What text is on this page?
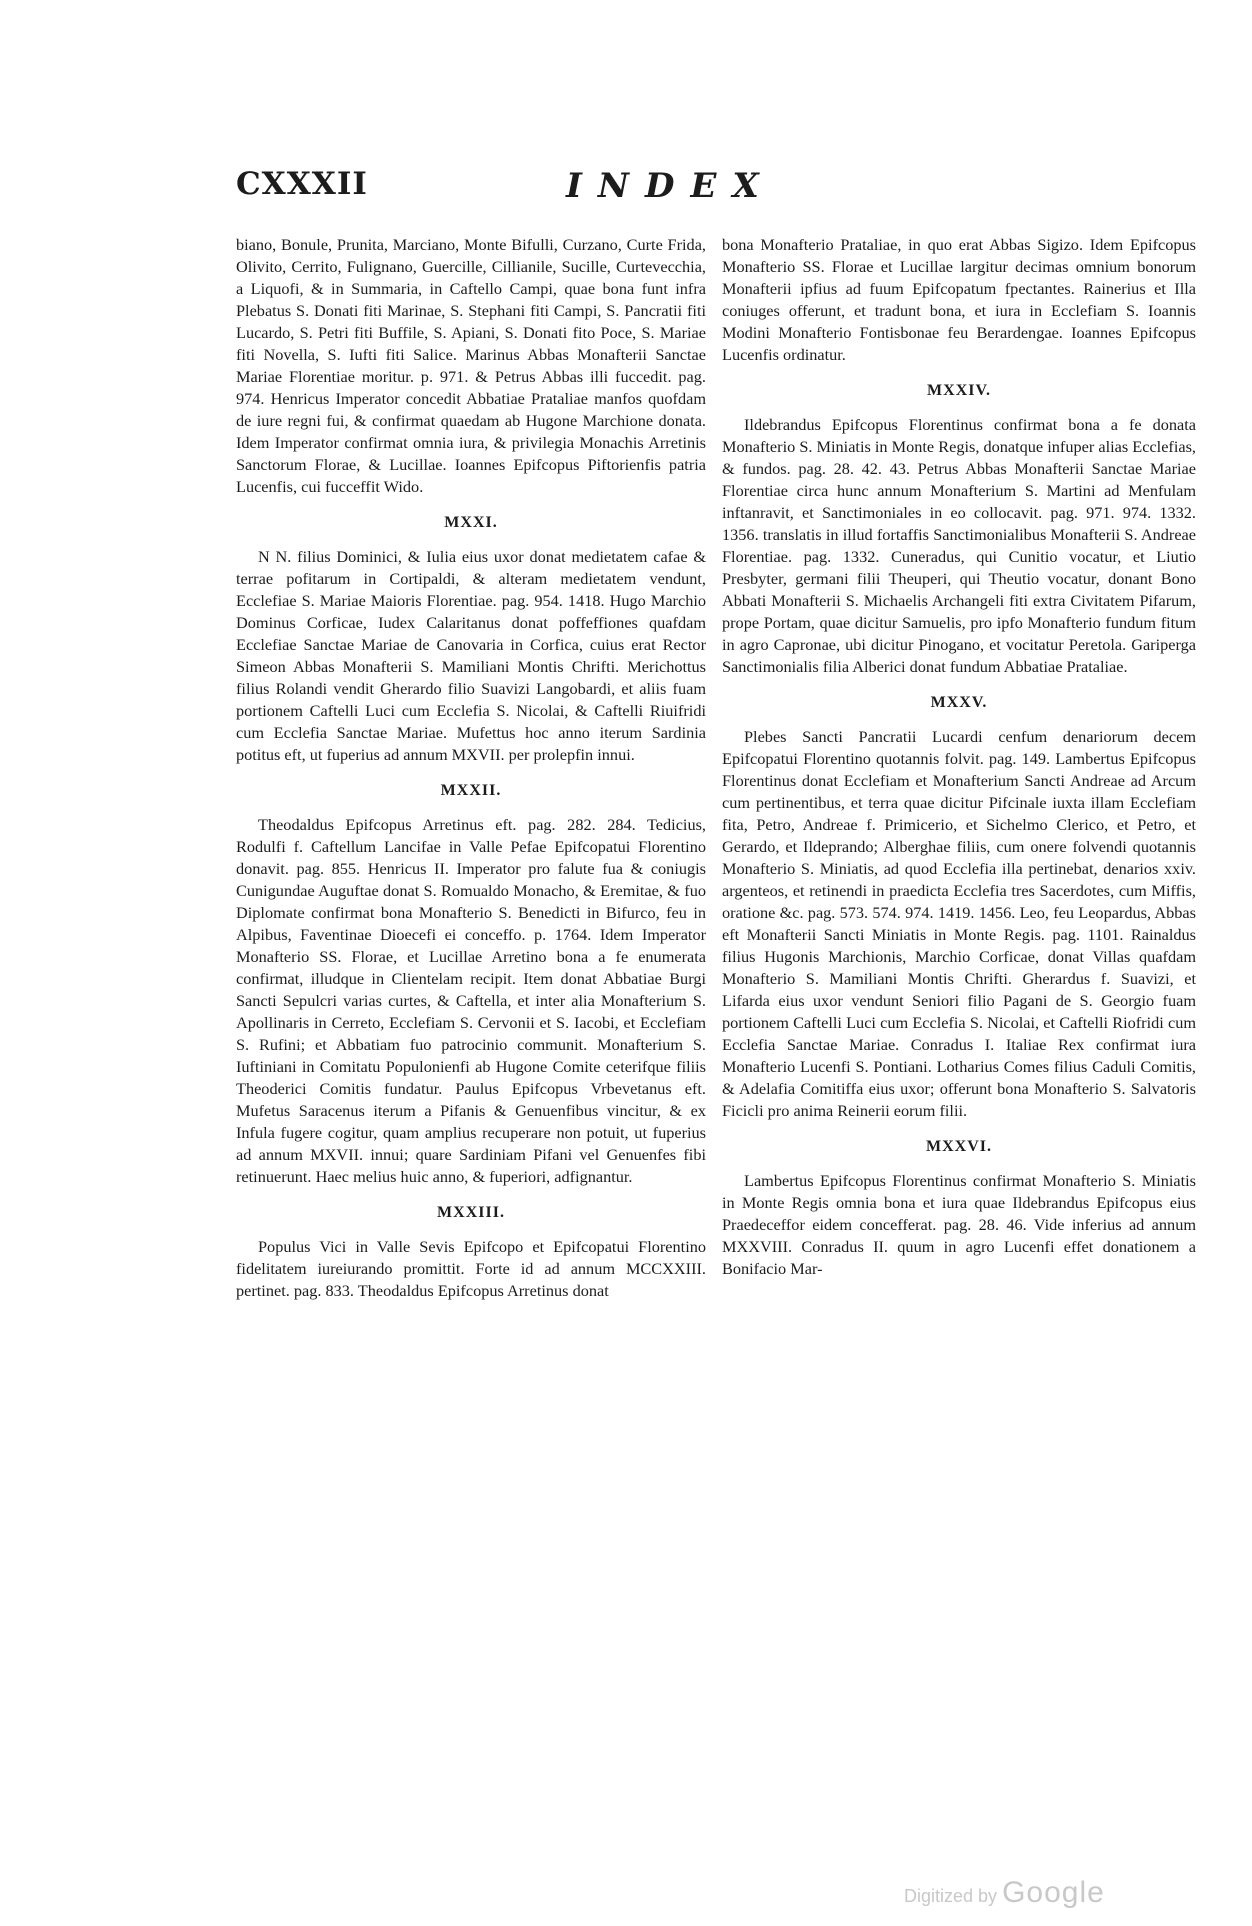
CXXXII	INDEX

biano, Bonule, Prunita, Marciano, Monte Bifulli, Curzano, Curte Frida, Olivito, Cerrito, Fulignano, Guercille, Cillianile, Sucille, Curtevecchia, a Liquofi, & in Summaria, in Caftello Campi, quae bona funt infra Plebatus S. Donati fiti Marinae, S. Stephani fiti Campi, S. Pancratii fiti Lucardo, S. Petri fiti Buffile, S. Apiani, S. Donati fito Poce, S. Mariae fiti Novella, S. Iufti fiti Salice. Marinus Abbas Monafterii Sanctae Mariae Florentiae moritur. p. 971. & Petrus Abbas illi fuccedit. pag. 974. Henricus Imperator concedit Abbatiae Prataliae manfos quofdam de iure regni fui, & confirmat quaedam ab Hugone Marchione donata. Idem Imperator confirmat omnia iura, & privilegia Monachis Arretinis Sanctorum Florae, & Lucillae. Ioannes Epifcopus Piftorienfis patria Lucenfis, cui fucceffit Wido.

MXXI.

N N. filius Dominici, & Iulia eius uxor donat medietatem cafae & terrae pofitarum in Cortipaldi, & alteram medietatem vendunt, Ecclefiae S. Mariae Maioris Florentiae. pag. 954. 1418. Hugo Marchio Dominus Corficae, Iudex Calaritanus donat poffeffiones quafdam Ecclefiae Sanctae Mariae de Canovaria in Corfica, cuius erat Rector Simeon Abbas Monafterii S. Mamiliani Montis Chrifti. Merichottus filius Rolandi vendit Gherardo filio Suavizi Langobardi, et aliis fuam portionem Caftelli Luci cum Ecclefia S. Nicolai, & Caftelli Riuifridi cum Ecclefia Sanctae Mariae. Mufettus hoc anno iterum Sardinia potitus eft, ut fuperius ad annum MXVII. per prolepfin innui.

MXXII.

Theodaldus Epifcopus Arretinus eft. pag. 282. 284. Tedicius, Rodulfi f. Caftellum Lancifae in Valle Pefae Epifcopatui Florentino donavit. pag. 855. Henricus II. Imperator pro falute fua & coniugis Cunigundae Auguftae donat S. Romualdo Monacho, & Eremitae, & fuo Diplomate confirmat bona Monafterio S. Benedicti in Bifurco, feu in Alpibus, Faventinae Dioecefi ei conceffo. p. 1764. Idem Imperator Monafterio SS. Florae, et Lucillae Arretino bona a fe enumerata confirmat, illudque in Clientelam recipit. Item donat Abbatiae Burgi Sancti Sepulcri varias curtes, & Caftella, et inter alia Monafterium S. Apollinaris in Cerreto, Ecclefiam S. Cervonii et S. Iacobi, et Ecclefiam S. Rufini; et Abbatiam fuo patrocinio communit. Monafterium S. Iuftiniani in Comitatu Populonienfi ab Hugone Comite ceterifque filiis Theoderici Comitis fundatur. Paulus Epifcopus Vrbevetanus eft. Mufetus Saracenus iterum a Pifanis & Genuenfibus vincitur, & ex Infula fugere cogitur, quam amplius recuperare non potuit, ut fuperius ad annum MXVII. innui; quare Sardiniam Pifani vel Genuenfes fibi retinuerunt. Haec melius huic anno, & fuperiori, adfignantur.

MXXIII.

Populus Vici in Valle Sevis Epifcopo et Epifcopatui Florentino fidelitatem iureiurando promittit. Forte id ad annum MCCXXIII. pertinet. pag. 833. Theodaldus Epifcopus Arretinus donat

bona Monafterio Prataliae, in quo erat Abbas Sigizo. Idem Epifcopus Monafterio SS. Florae et Lucillae largitur decimas omnium bonorum Monafterii ipfius ad fuum Epifcopatum fpectantes. Rainerius et Illa coniuges offerunt, et tradunt bona, et iura in Ecclefiam S. Ioannis Modini Monafterio Fontisbonae feu Berardengae. Ioannes Epifcopus Lucenfis ordinatur.

MXXIV.

Ildebrandus Epifcopus Florentinus confirmat bona a fe donata Monafterio S. Miniatis in Monte Regis, donatque infuper alias Ecclefias, & fundos. pag. 28. 42. 43. Petrus Abbas Monafterii Sanctae Mariae Florentiae circa hunc annum Monafterium S. Martini ad Menfulam inftanravit, et Sanctimoniales in eo collocavit. pag. 971. 974. 1332. 1356. translatis in illud fortaffis Sanctimonialibus Monafterii S. Andreae Florentiae. pag. 1332. Cuneradus, qui Cunitio vocatur, et Liutio Presbyter, germani filii Theuperi, qui Theutio vocatur, donant Bono Abbati Monafterii S. Michaelis Archangeli fiti extra Civitatem Pifarum, prope Portam, quae dicitur Samuelis, pro ipfo Monafterio fundum fitum in agro Capronae, ubi dicitur Pinogano, et vocitatur Peretola. Gariperga Sanctimonialis filia Alberici donat fundum Abbatiae Prataliae.

MXXV.

Plebes Sancti Pancratii Lucardi cenfum denariorum decem Epifcopatui Florentino quotannis folvit. pag. 149. Lambertus Epifcopus Florentinus donat Ecclefiam et Monafterium Sancti Andreae ad Arcum cum pertinentibus, et terra quae dicitur Pifcinale iuxta illam Ecclefiam fita, Petro, Andreae f. Primicerio, et Sichelmo Clerico, et Petro, et Gerardo, et Ildeprando; Alberghae filiis, cum onere folvendi quotannis Monafterio S. Miniatis, ad quod Ecclefia illa pertinebat, denarios xxiv. argenteos, et retinendi in praedicta Ecclefia tres Sacerdotes, cum Miffis, oratione &c. pag. 573. 574. 974. 1419. 1456. Leo, feu Leopardus, Abbas eft Monafterii Sancti Miniatis in Monte Regis. pag. 1101. Rainaldus filius Hugonis Marchionis, Marchio Corficae, donat Villas quafdam Monafterio S. Mamiliani Montis Chrifti. Gherardus f. Suavizi, et Lifarda eius uxor vendunt Seniori filio Pagani de S. Georgio fuam portionem Caftelli Luci cum Ecclefia S. Nicolai, et Caftelli Riofridi cum Ecclefia Sanctae Mariae. Conradus I. Italiae Rex confirmat iura Monafterio Lucenfi S. Pontiani. Lotharius Comes filius Caduli Comitis, & Adelafia Comitiffa eius uxor; offerunt bona Monafterio S. Salvatoris Ficicli pro anima Reinerii eorum filii.

MXXVI.

Lambertus Epifcopus Florentinus confirmat Monafterio S. Miniatis in Monte Regis omnia bona et iura quae Ildebrandus Epifcopus eius Praedeceffor eidem concefferat. pag. 28. 46. Vide inferius ad annum MXXVIII. Conradus II. quum in agro Lucenfi effet donationem a Bonifacio Mar-

Digitized by Google
